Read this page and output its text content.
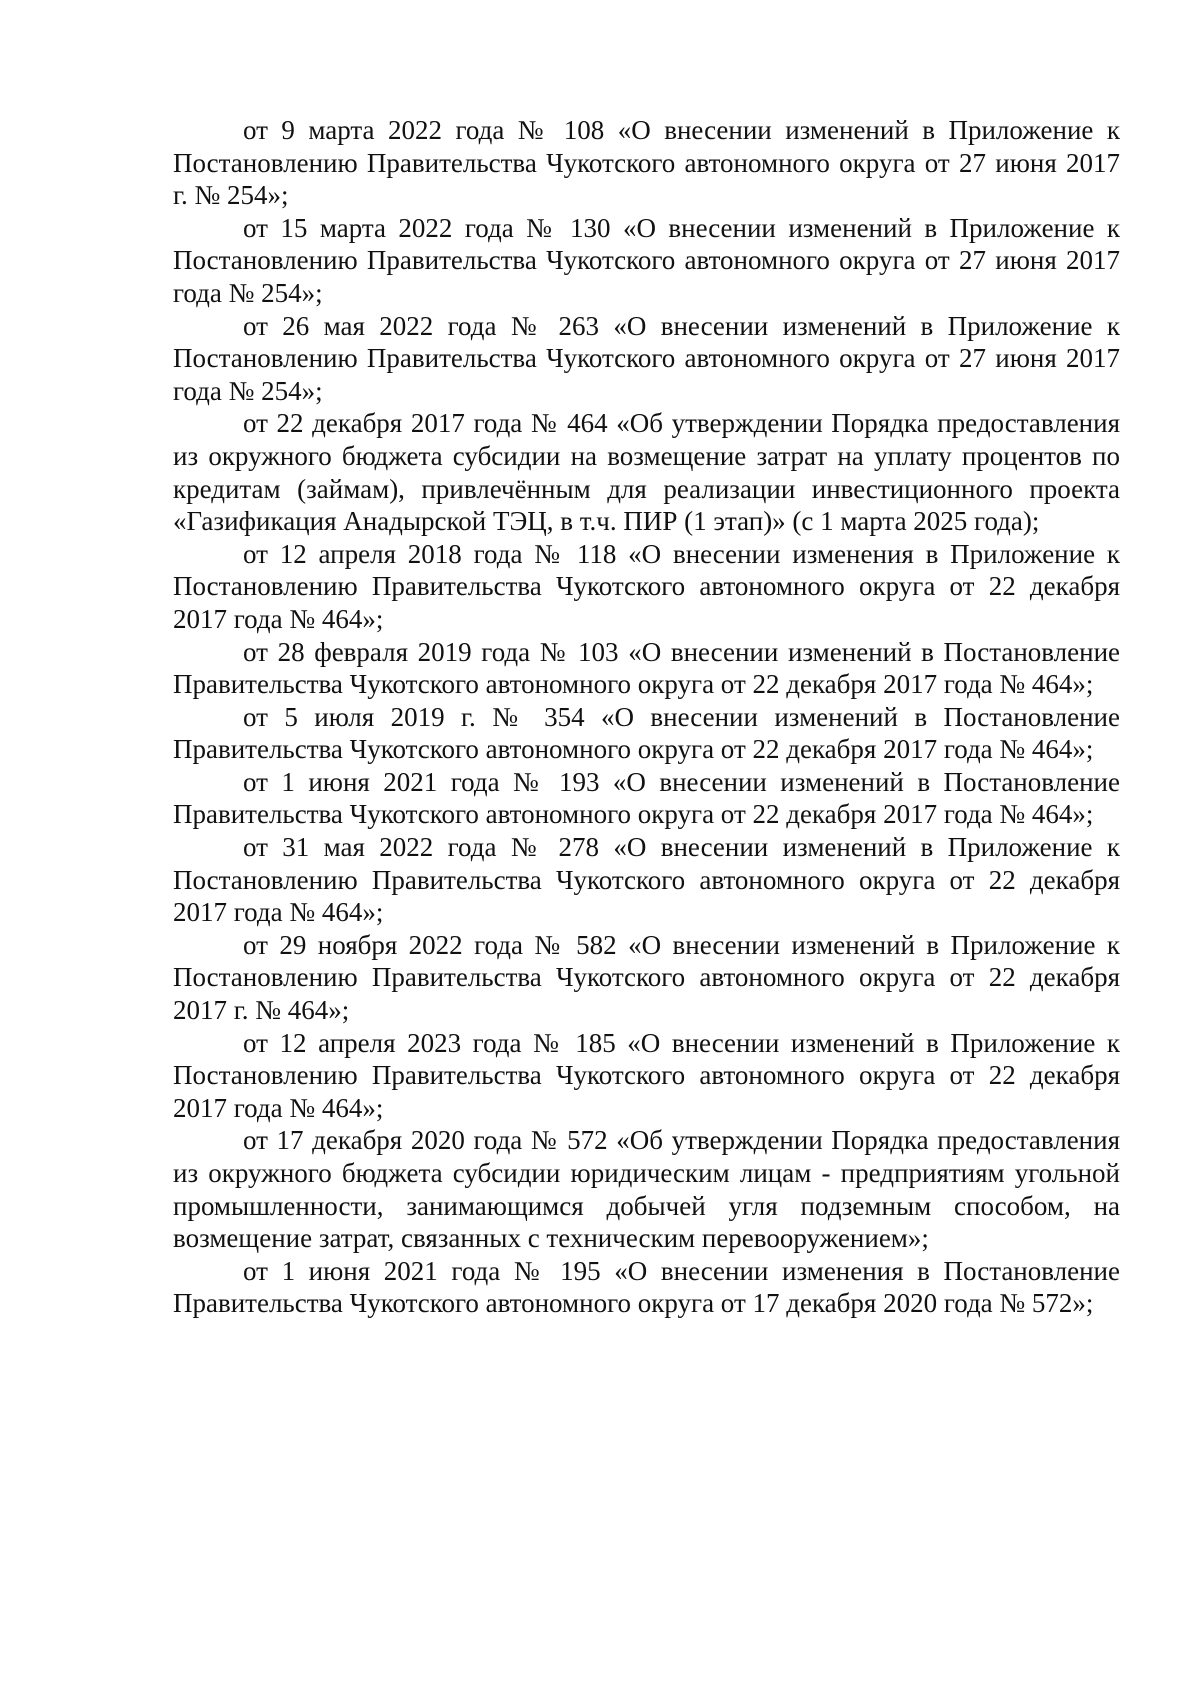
от 9 марта 2022 года № 108 «О внесении изменений в Приложение к Постановлению Правительства Чукотского автономного округа от 27 июня 2017 г. № 254»;

от 15 марта 2022 года № 130 «О внесении изменений в Приложение к Постановлению Правительства Чукотского автономного округа от 27 июня 2017 года № 254»;

от 26 мая 2022 года № 263 «О внесении изменений в Приложение к Постановлению Правительства Чукотского автономного округа от 27 июня 2017 года № 254»;

от 22 декабря 2017 года № 464 «Об утверждении Порядка предоставления из окружного бюджета субсидии на возмещение затрат на уплату процентов по кредитам (займам), привлечённым для реализации инвестиционного проекта «Газификация Анадырской ТЭЦ, в т.ч. ПИР (1 этап)» (с 1 марта 2025 года);

от 12 апреля 2018 года № 118 «О внесении изменения в Приложение к Постановлению Правительства Чукотского автономного округа от 22 декабря 2017 года № 464»;

от 28 февраля 2019 года № 103 «О внесении изменений в Постановление Правительства Чукотского автономного округа от 22 декабря 2017 года № 464»;

от 5 июля 2019 г. № 354 «О внесении изменений в Постановление Правительства Чукотского автономного округа от 22 декабря 2017 года № 464»;

от 1 июня 2021 года № 193 «О внесении изменений в Постановление Правительства Чукотского автономного округа от 22 декабря 2017 года № 464»;

от 31 мая 2022 года № 278 «О внесении изменений в Приложение к Постановлению Правительства Чукотского автономного округа от 22 декабря 2017 года № 464»;

от 29 ноября 2022 года № 582 «О внесении изменений в Приложение к Постановлению Правительства Чукотского автономного округа от 22 декабря 2017 г. № 464»;

от 12 апреля 2023 года № 185 «О внесении изменений в Приложение к Постановлению Правительства Чукотского автономного округа от 22 декабря 2017 года № 464»;

от 17 декабря 2020 года № 572 «Об утверждении Порядка предоставления из окружного бюджета субсидии юридическим лицам - предприятиям угольной промышленности, занимающимся добычей угля подземным способом, на возмещение затрат, связанных с техническим перевооружением»;

от 1 июня 2021 года № 195 «О внесении изменения в Постановление Правительства Чукотского автономного округа от 17 декабря 2020 года № 572»;
